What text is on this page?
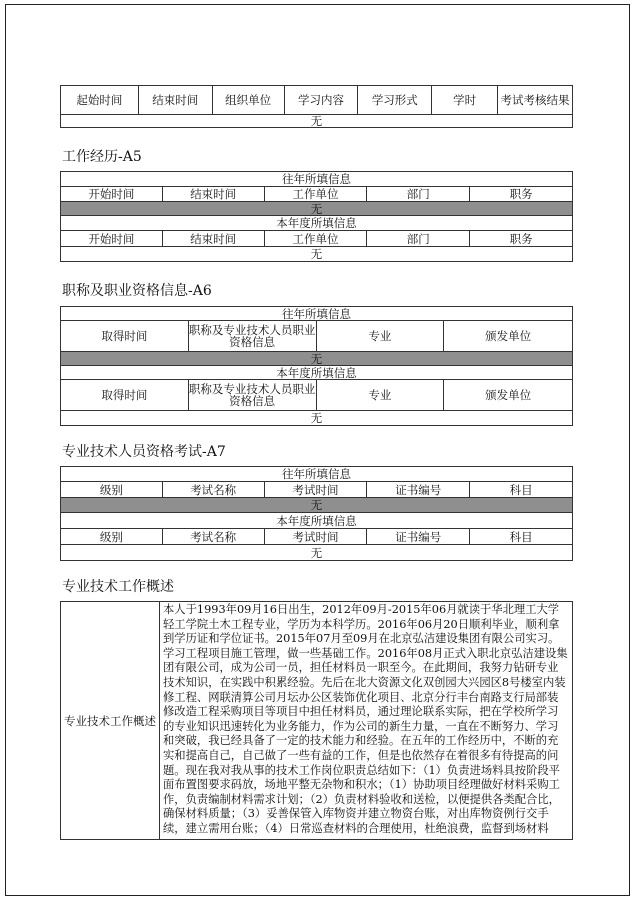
起始时间	结束时间	组织单位	学习内容	学习形式	学时	考试考核结果
无
工作经历-A5
往年所填信息				
开始时间	结束时间	工作单位	部门	职务
无				
本年度所填信息				
开始时间	结束时间	工作单位	部门	职务
无				
职称及职业资格信息-A6
往年所填信息			
取得时间	职称及专业技术人员职业资格信息	专业	颁发单位
无			
本年度所填信息			
取得时间	职称及专业技术人员职业资格信息	专业	颁发单位
无			
专业技术人员资格考试-A7
往年所填信息				
级别	考试名称	考试时间	证书编号	科目
无				
本年度所填信息				
级别	考试名称	考试时间	证书编号	科目
无				
专业技术工作概述
专业技术工作概述	本人于1993年09月16日出生，2012年09月-2015年06月就读于华北理工大学轻工学院土木工程专业，学历为本科学历。2016年06月20日顺利毕业，顺利拿到学历证和学位证书。2015年07月至09月在北京弘洁建设集团有限公司实习。学习工程项目施工管理，做一些基础工作。2016年08月正式入职北京弘洁建设集团有限公司，成为公司一员，担任材料员一职至今。在此期间，我努力钻研专业技术知识，在实践中积累经验。先后在北大资源文化双创园大兴园区8号楼室内装修工程、网联清算公司月坛办公区装饰优化项目、北京分行丰台南路支行局部装修改造工程采购项目等项目中担任材料员，通过理论联系实际，把在学校所学习的专业知识迅速转化为业务能力，作为公司的新生力量，一直在不断努力、学习和突破，我已经具备了一定的技术能力和经验。在五年的工作经历中，不断的充实和提高自己，自己做了一些有益的工作，但是也依然存在着很多有待提高的问题。现在我对我从事的技术工作岗位职责总结如下：（1）负责进场料具按阶段平面布置图要求码放，场地平整无杂物和积水；（1）协助项目经理做好材料采购工作，负责编制材料需求计划；（2）负责材料验收和送检，以便提供各类配合比，确保材料质量；（3）妥善保管入库物资并建立物资台账，对出库物资例行交手续，建立需用台账；（4）日常巡查材料的合理使用，杜绝浪费，监督到场材料
